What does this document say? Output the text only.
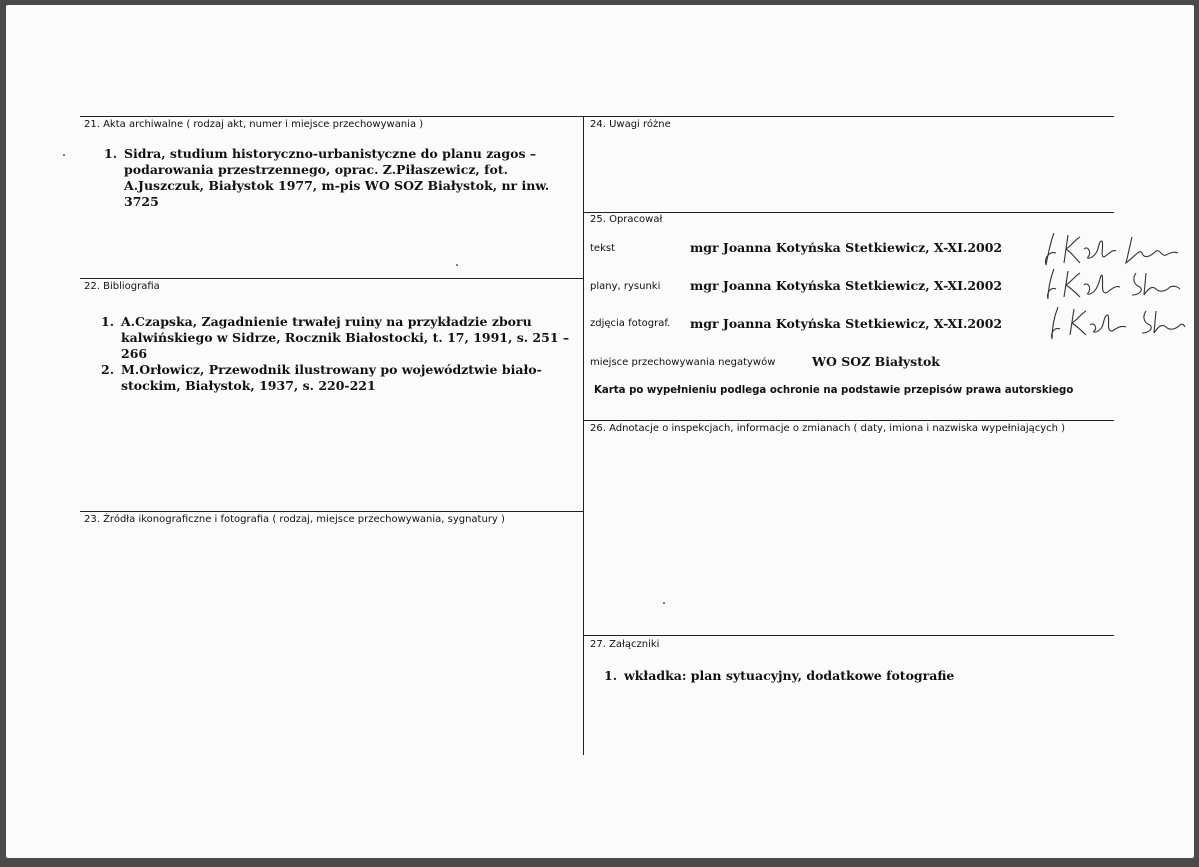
21. Akta archiwalne ( rodzaj akt, numer i miejsce przechowywania )
1. Sidra, studium historyczno-urbanistyczne do planu zagos – podarowania przestrzennego, oprac. Z.Piłaszewicz, fot. A.Juszczuk, Białystok 1977, m-pis WO SOZ Białystok, nr inw. 3725
22. Bibliografia
1. A.Czapska, Zagadnienie trwałej ruiny na przykładzie zboru kalwińskiego w Sidrze, Rocznik Białostocki, t. 17, 1991, s. 251 – 266
2. M.Orłowicz, Przewodnik ilustrowany po województwie biało-stockim, Białystok, 1937, s. 220-221
23. Źródła ikonograficzne i fotografia ( rodzaj, miejsce przechowywania, sygnatury )
24. Uwagi różne
25. Opracował
tekst	mgr Joanna Kotyńska Stetkiewicz, X-XI.2002
plany, rysunki mgr Joanna Kotyńska Stetkiewicz, X-XI.2002
zdjęcia fotograf. mgr Joanna Kotyńska Stetkiewicz, X-XI.2002
miejsce przechowywania negatywów	WO SOZ Białystok
Karta po wypełnieniu podlega ochronie na podstawie przepisów prawa autorskiego
26. Adnotacje o inspekcjach, informacje o zmianach ( daty, imiona i nazwiska wypełniających )
27. Załączniki
1. wkładka: plan sytuacyjny, dodatkowe fotografie
